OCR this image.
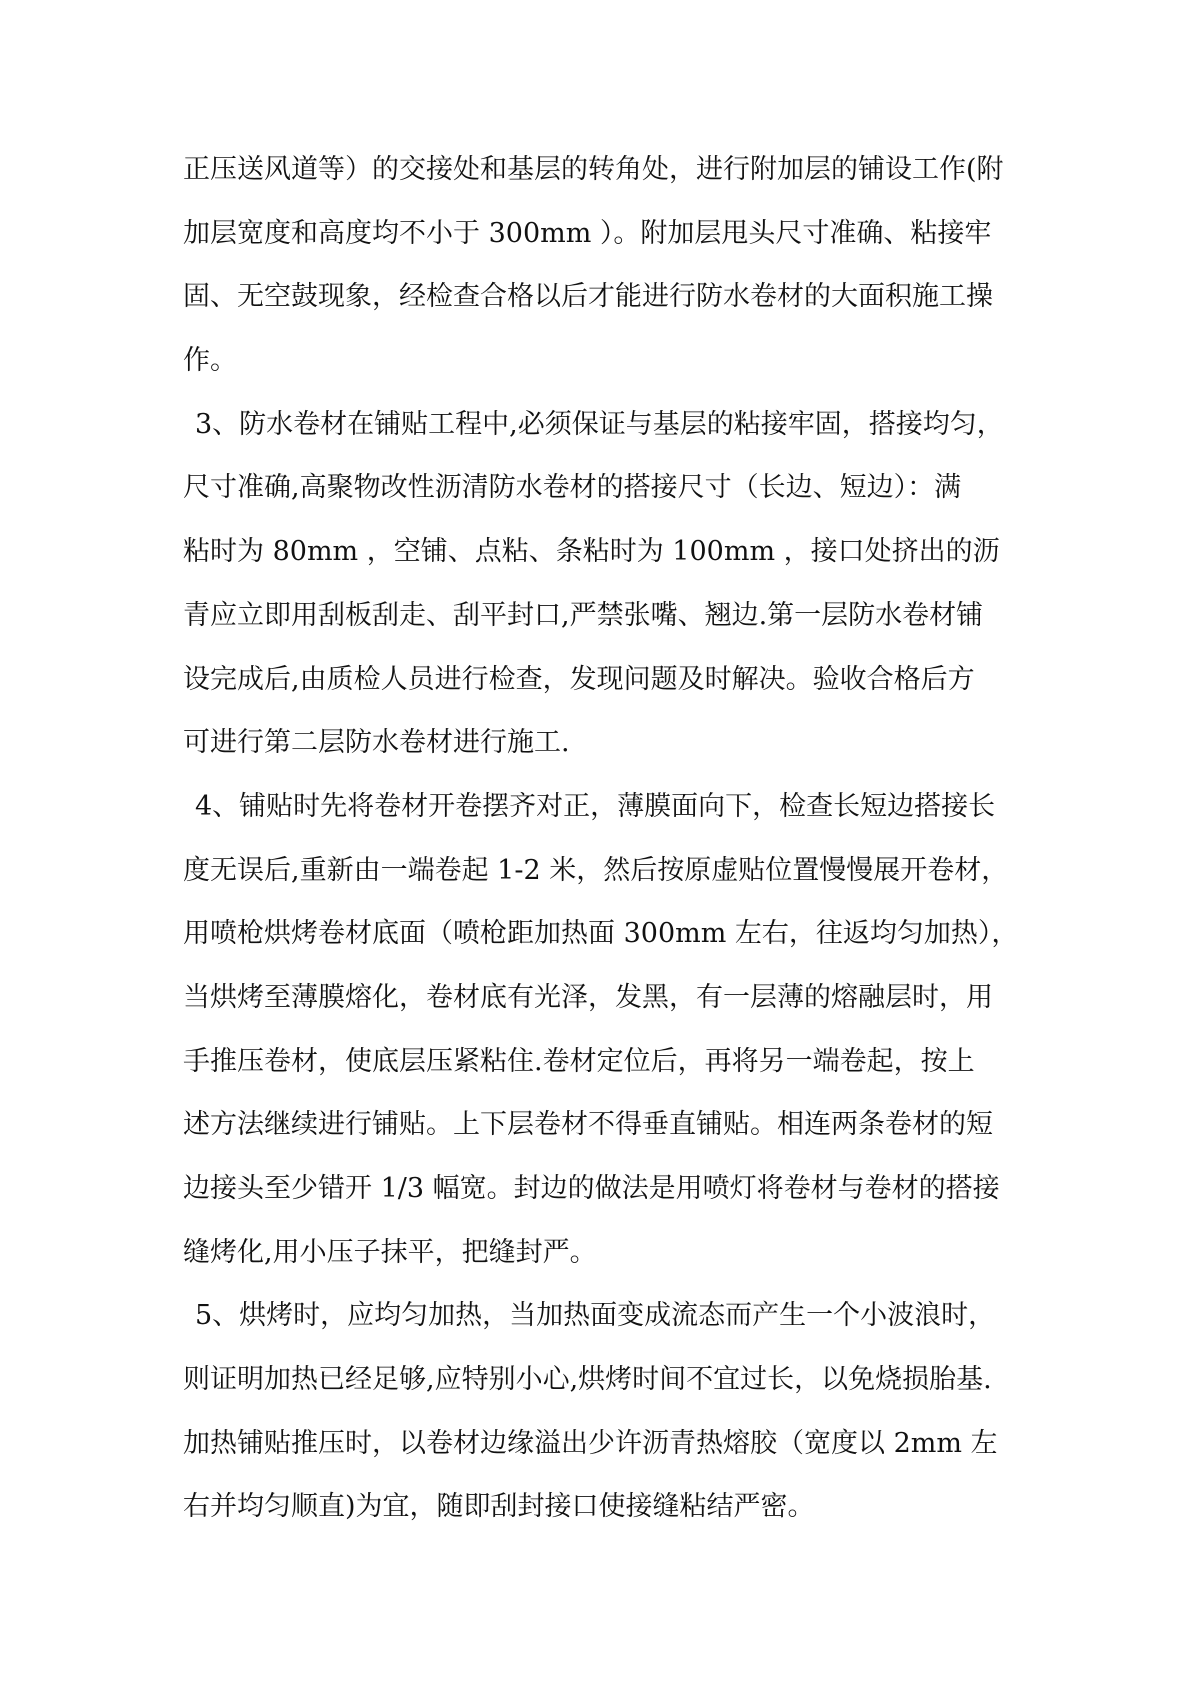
正压送风道等）的交接处和基层的转角处，进行附加层的铺设工作(附
加层宽度和高度均不小于 300mm ）。附加层甩头尺寸准确、粘接牢
固、无空鼓现象，经检查合格以后才能进行防水卷材的大面积施工操
作。
3、防水卷材在铺贴工程中,必须保证与基层的粘接牢固，搭接均匀，
尺寸准确,高聚物改性沥清防水卷材的搭接尺寸（长边、短边）：满
粘时为 80mm ，空铺、点粘、条粘时为 100mm ，接口处挤出的沥
青应立即用刮板刮走、刮平封口,严禁张嘴、翘边.第一层防水卷材铺
设完成后,由质检人员进行检查，发现问题及时解决。验收合格后方
可进行第二层防水卷材进行施工.
4、铺贴时先将卷材开卷摆齐对正，薄膜面向下，检查长短边搭接长
度无误后,重新由一端卷起 1-2 米，然后按原虚贴位置慢慢展开卷材，
用喷枪烘烤卷材底面（喷枪距加热面 300mm 左右，往返均匀加热），
当烘烤至薄膜熔化，卷材底有光泽，发黑，有一层薄的熔融层时，用
手推压卷材，使底层压紧粘住.卷材定位后，再将另一端卷起，按上
述方法继续进行铺贴。上下层卷材不得垂直铺贴。相连两条卷材的短
边接头至少错开 1/3 幅宽。封边的做法是用喷灯将卷材与卷材的搭接
缝烤化,用小压子抹平，把缝封严。
5、烘烤时，应均匀加热，当加热面变成流态而产生一个小波浪时，
则证明加热已经足够,应特别小心,烘烤时间不宜过长，以免烧损胎基.
加热铺贴推压时，以卷材边缘溢出少许沥青热熔胶（宽度以 2mm 左
右并均匀顺直)为宜，随即刮封接口使接缝粘结严密。
